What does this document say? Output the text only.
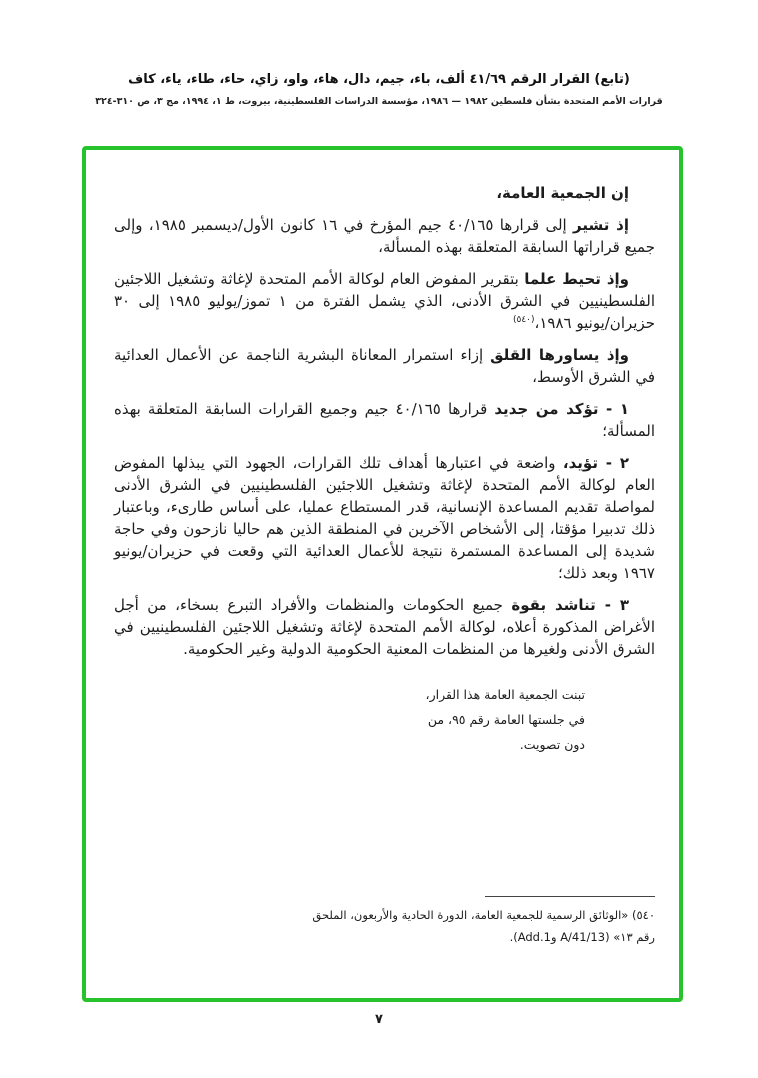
(تابع) القرار الرقم ٤١/٦٩ ألف، باء، جيم، دال، هاء، واو، زاي، حاء، طاء، ياء، كاف
قرارات الأمم المتحدة بشأن فلسطين ١٩٨٢ — ١٩٨٦، مؤسسة الدراسات الفلسطينية، بيروت، ط ١، ١٩٩٤، مج ٣، ص ٣١٠-٣٢٤

إن الجمعية العامة،

إذ تشير إلى قرارها ٤٠/١٦٥ جيم المؤرخ في ١٦ كانون الأول/ديسمبر ١٩٨٥، وإلى جميع قراراتها السابقة المتعلقة بهذه المسألة،

وإذ تحيط علما بتقرير المفوض العام لوكالة الأمم المتحدة لإغاثة وتشغيل اللاجئين الفلسطينيين في الشرق الأدنى، الذي يشمل الفترة من ١ تموز/يوليو ١٩٨٥ إلى ٣٠ حزيران/يونيو ١٩٨٦،$^{(٥٤٠)}$

وإذ يساورها القلق إزاء استمرار المعاناة البشرية الناجمة عن الأعمال العدائية في الشرق الأوسط،

١ - تؤكد من جديد قرارها ٤٠/١٦٥ جيم وجميع القرارات السابقة المتعلقة بهذه المسألة؛

٢ - تؤيد، واضعة في اعتبارها أهداف تلك القرارات، الجهود التي يبذلها المفوض العام لوكالة الأمم المتحدة لإغاثة وتشغيل اللاجئين الفلسطينيين في الشرق الأدنى لمواصلة تقديم المساعدة الإنسانية، قدر المستطاع عمليا، على أساس طارىء، وباعتبار ذلك تدبيرا مؤقتا، إلى الأشخاص الآخرين في المنطقة الذين هم حاليا نازحون وفي حاجة شديدة إلى المساعدة المستمرة نتيجة للأعمال العدائية التي وقعت في حزيران/يونيو ١٩٦٧ وبعد ذلك؛

٣ - تناشد بقوة جميع الحكومات والمنظمات والأفراد التبرع بسخاء، من أجل الأغراض المذكورة أعلاه، لوكالة الأمم المتحدة لإغاثة وتشغيل اللاجئين الفلسطينيين في الشرق الأدنى ولغيرها من المنظمات المعنية الحكومية الدولية وغير الحكومية.

تبنت الجمعية العامة هذا القرار،
في جلستها العامة رقم ٩٥، من
دون تصويت.
٥٤٠) «الوثائق الرسمية للجمعية العامة، الدورة الحادية والأربعون، الملحق
رقم ١٣» (A/41/13 وAdd.1).
٧
